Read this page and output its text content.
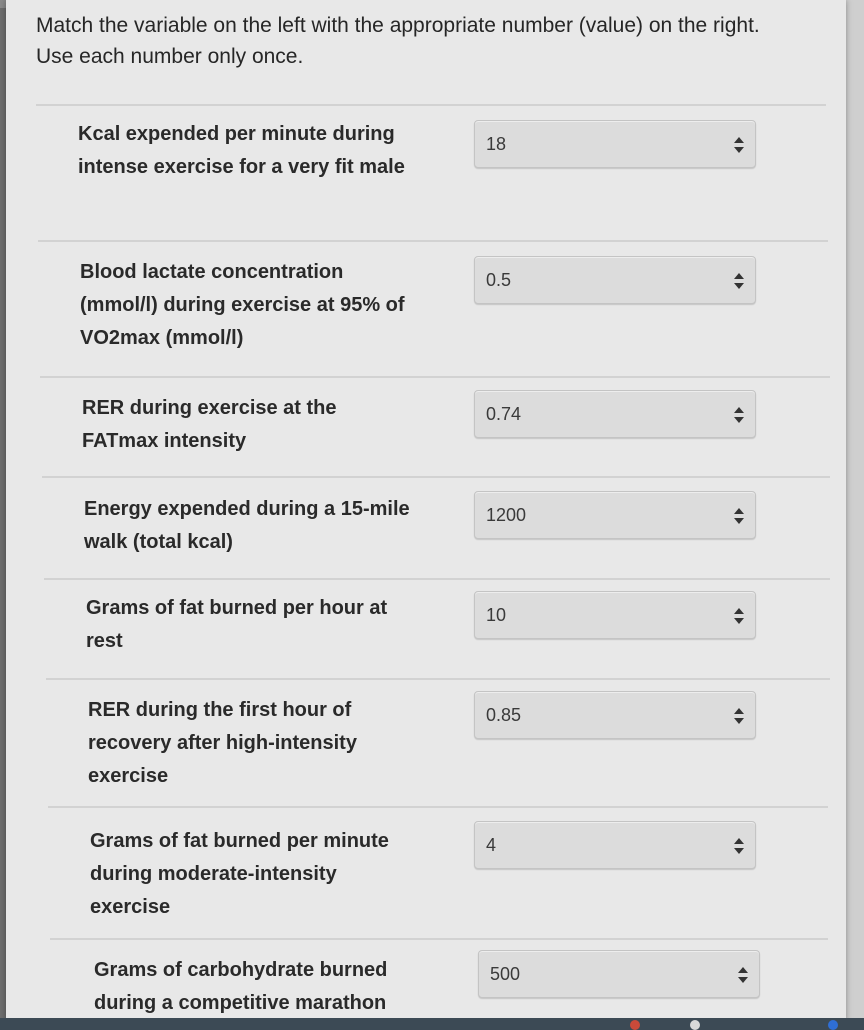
Match the variable on the left with the appropriate number (value) on the right.
Use each number only once.
Kcal expended per minute during intense exercise for a very fit male
18
Blood lactate concentration (mmol/l) during exercise at 95% of VO2max (mmol/l)
0.5
RER during exercise at the FATmax intensity
0.74
Energy expended during a 15-mile walk (total kcal)
1200
Grams of fat burned per hour at rest
10
RER during the first hour of recovery after high-intensity exercise
0.85
Grams of fat burned per minute during moderate-intensity exercise
4
Grams of carbohydrate burned during a competitive marathon
500
